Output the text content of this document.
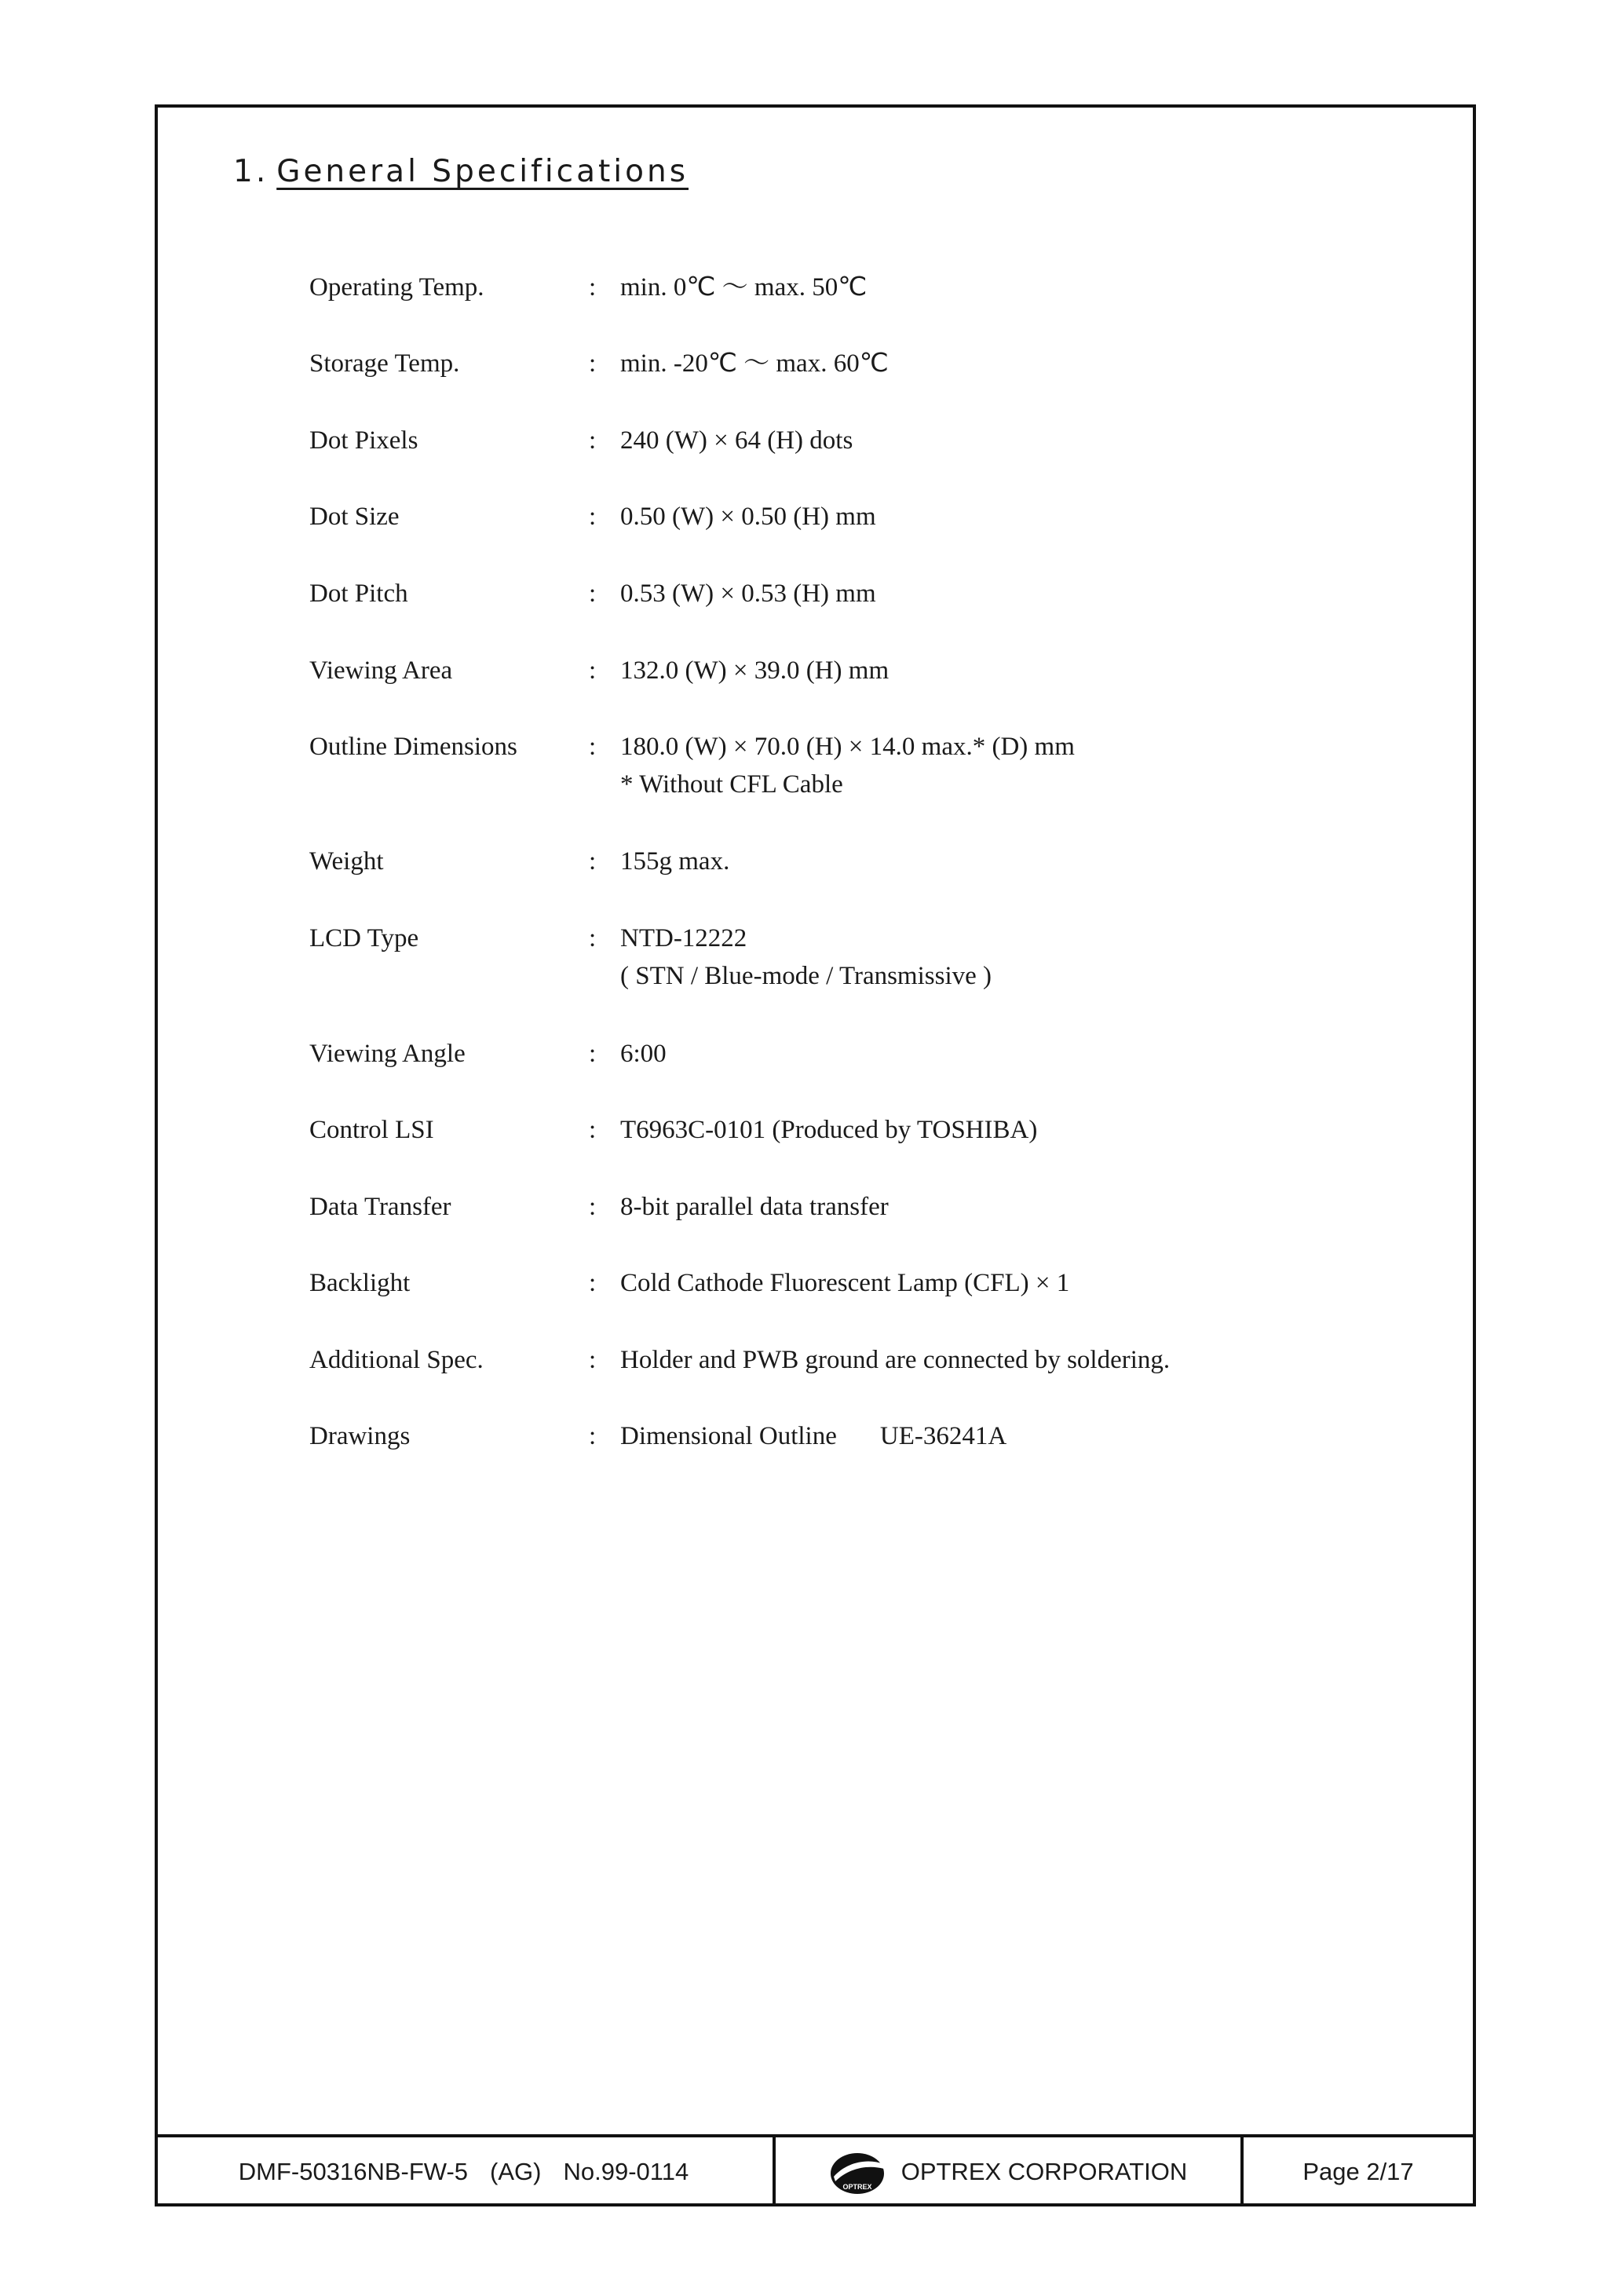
1. General Specifications
Operating Temp.	: min. 0℃ ～ max. 50℃
Storage Temp.	: min. -20℃ ～ max. 60℃
Dot Pixels	: 240 (W) × 64 (H) dots
Dot Size	: 0.50 (W) × 0.50 (H) mm
Dot Pitch	: 0.53 (W) × 0.53 (H) mm
Viewing Area	: 132.0 (W) × 39.0 (H) mm
Outline Dimensions	: 180.0 (W) × 70.0 (H) × 14.0 max.* (D) mm
* Without CFL Cable
Weight	: 155g max.
LCD Type	: NTD-12222
( STN / Blue-mode / Transmissive )
Viewing Angle	: 6:00
Control LSI	: T6963C-0101 (Produced by TOSHIBA)
Data Transfer	: 8-bit parallel data transfer
Backlight	: Cold Cathode Fluorescent Lamp (CFL) × 1
Additional Spec.	: Holder and PWB ground are connected by soldering.
Drawings	: Dimensional Outline UE-36241A
DMF-50316NB-FW-5 (AG) No.99-0114
OPTREX
OPTREX CORPORATION	Page 2/17
